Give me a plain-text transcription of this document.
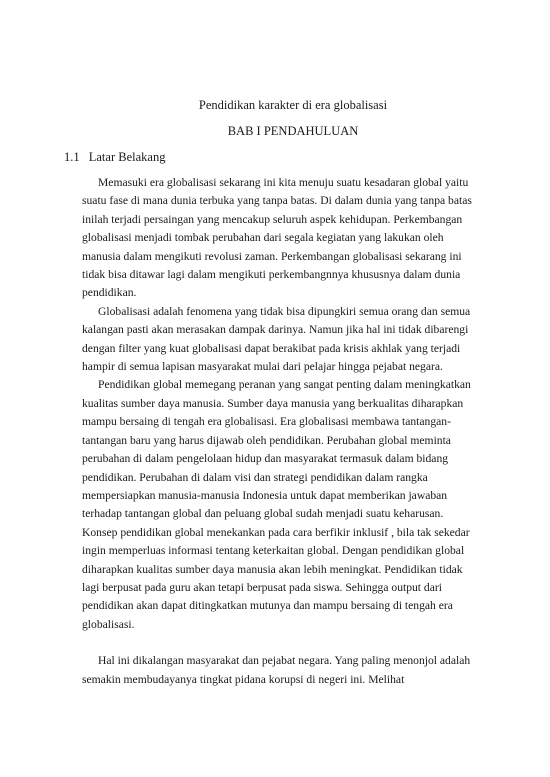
Pendidikan karakter di era globalisasi
BAB I PENDAHULUAN
1.1 Latar Belakang

Memasuki era globalisasi sekarang ini kita menuju suatu kesadaran global yaitu suatu fase di mana dunia terbuka yang tanpa batas. Di dalam dunia yang tanpa batas inilah terjadi persaingan yang mencakup seluruh aspek kehidupan. Perkembangan globalisasi menjadi tombak perubahan dari segala kegiatan yang lakukan oleh manusia dalam mengikuti revolusi zaman. Perkembangan globalisasi sekarang ini tidak bisa ditawar lagi dalam mengikuti perkembangnnya khususnya dalam dunia pendidikan.

Globalisasi adalah fenomena yang tidak bisa dipungkiri semua orang dan semua kalangan pasti akan merasakan dampak darinya. Namun jika hal ini tidak dibarengi dengan filter yang kuat globalisasi dapat berakibat pada krisis akhlak yang terjadi hampir di semua lapisan masyarakat mulai dari pelajar hingga pejabat negara.

Pendidikan global memegang peranan yang sangat penting dalam meningkatkan kualitas sumber daya manusia. Sumber daya manusia yang berkualitas diharapkan mampu bersaing di tengah era globalisasi. Era globalisasi membawa tantangan-tantangan baru yang harus dijawab oleh pendidikan. Perubahan global meminta perubahan di dalam pengelolaan hidup dan masyarakat termasuk dalam bidang pendidikan. Perubahan di dalam visi dan strategi pendidikan dalam rangka mempersiapkan manusia-manusia Indonesia untuk dapat memberikan jawaban terhadap tantangan global dan peluang global sudah menjadi suatu keharusan. Konsep pendidikan global menekankan pada cara berfikir inklusif , bila tak sekedar ingin memperluas informasi tentang keterkaitan global. Dengan pendidikan global diharapkan kualitas sumber daya manusia akan lebih meningkat. Pendidikan tidak lagi berpusat pada guru akan tetapi berpusat pada siswa. Sehingga output dari pendidikan akan dapat ditingkatkan mutunya dan mampu bersaing di tengah era globalisasi.

Hal ini dikalangan masyarakat dan pejabat negara. Yang paling menonjol adalah semakin membudayanya tingkat pidana korupsi di negeri ini. Melihat
